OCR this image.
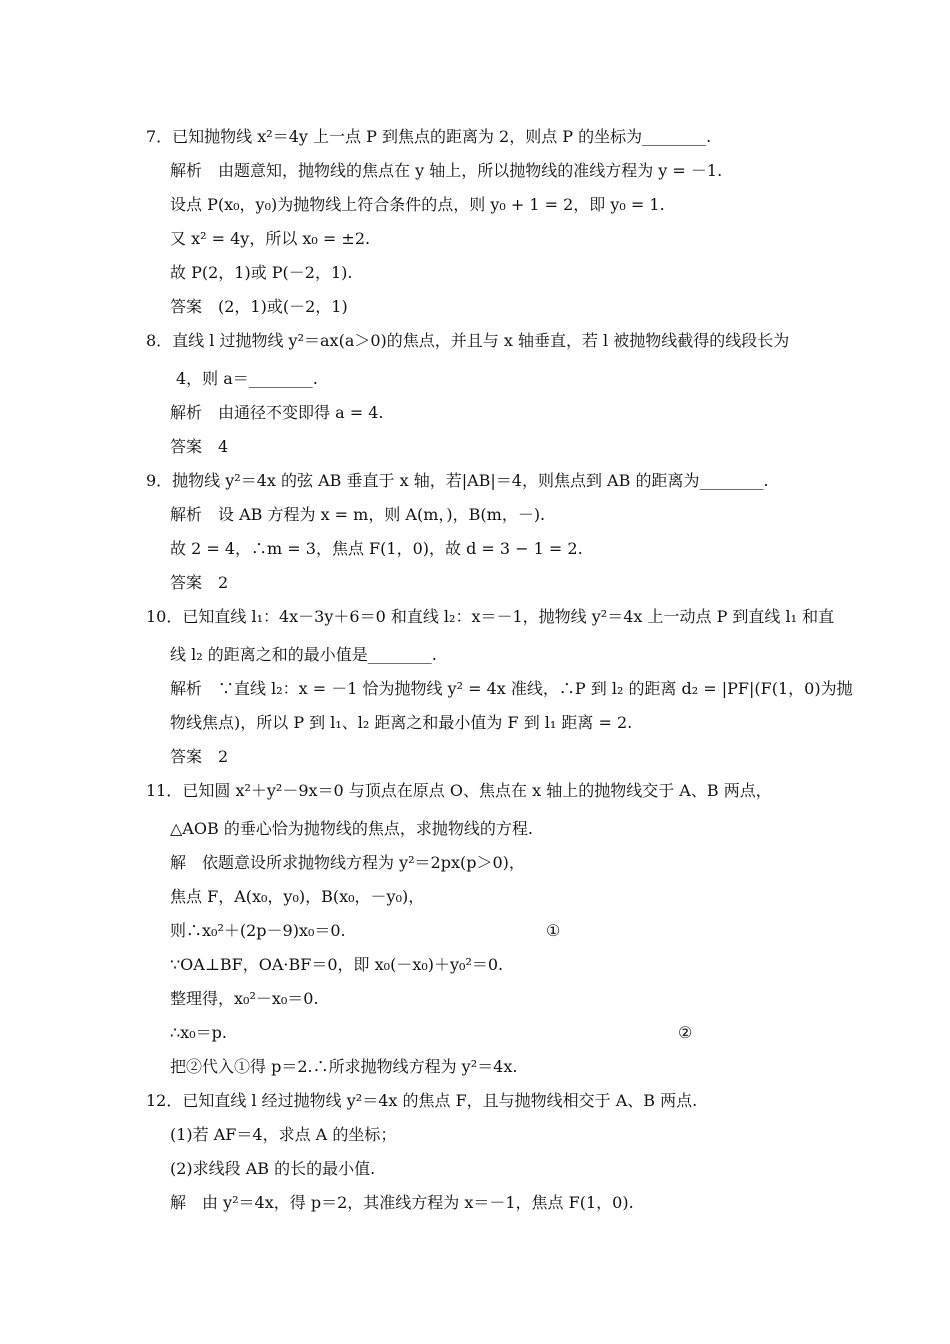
7．已知抛物线 x²＝4y 上一点 P 到焦点的距离为 2，则点 P 的坐标为________.
解析　由题意知，抛物线的焦点在 y 轴上，所以抛物线的准线方程为 y = －1.
设点 P(x₀，y₀)为抛物线上符合条件的点，则 y₀ + 1 = 2，即 y₀ = 1.
又 x² = 4y，所以 x₀ = ±2.
故 P(2，1)或 P(－2，1).
答案　(2，1)或(－2，1)
8．直线 l 过抛物线 y²＝ax(a＞0)的焦点，并且与 x 轴垂直，若 l 被抛物线截得的线段长为
4，则 a＝________.
解析　由通径不变即得 a = 4.
答案　4
9．抛物线 y²＝4x 的弦 AB 垂直于 x 轴，若|AB|＝4，则焦点到 AB 的距离为________.
解析　设 AB 方程为 x = m，则 A(m，)，B(m，－).
故 2 = 4，∴m = 3，焦点 F(1，0)，故 d = 3 − 1 = 2.
答案　2
10．已知直线 l₁：4x－3y＋6＝0 和直线 l₂：x＝－1，抛物线 y²＝4x 上一动点 P 到直线 l₁ 和直
线 l₂ 的距离之和的最小值是________.
解析　∵直线 l₂：x = －1 恰为抛物线 y² = 4x 准线，∴P 到 l₂ 的距离 d₂ = |PF|(F(1，0)为抛
物线焦点)，所以 P 到 l₁、l₂ 距离之和最小值为 F 到 l₁ 距离 = 2.
答案　2
11．已知圆 x²＋y²－9x＝0 与顶点在原点 O、焦点在 x 轴上的抛物线交于 A、B 两点，
△AOB 的垂心恰为抛物线的焦点，求抛物线的方程.
解　依题意设所求抛物线方程为 y²＝2px(p＞0)，
焦点 F，A(x₀，y₀)，B(x₀，－y₀)，
则∴x₀²＋(2p－9)x₀＝0.	①
∵OA⊥BF，OA·BF＝0，即 x₀(－x₀)＋y₀²＝0.
整理得，x₀²－x₀＝0.
∴x₀＝p.	②
把②代入①得 p＝2.∴所求抛物线方程为 y²＝4x.
12．已知直线 l 经过抛物线 y²＝4x 的焦点 F，且与抛物线相交于 A、B 两点.
(1)若 AF＝4，求点 A 的坐标；
(2)求线段 AB 的长的最小值.
解　由 y²＝4x，得 p＝2，其准线方程为 x＝－1，焦点 F(1，0).
